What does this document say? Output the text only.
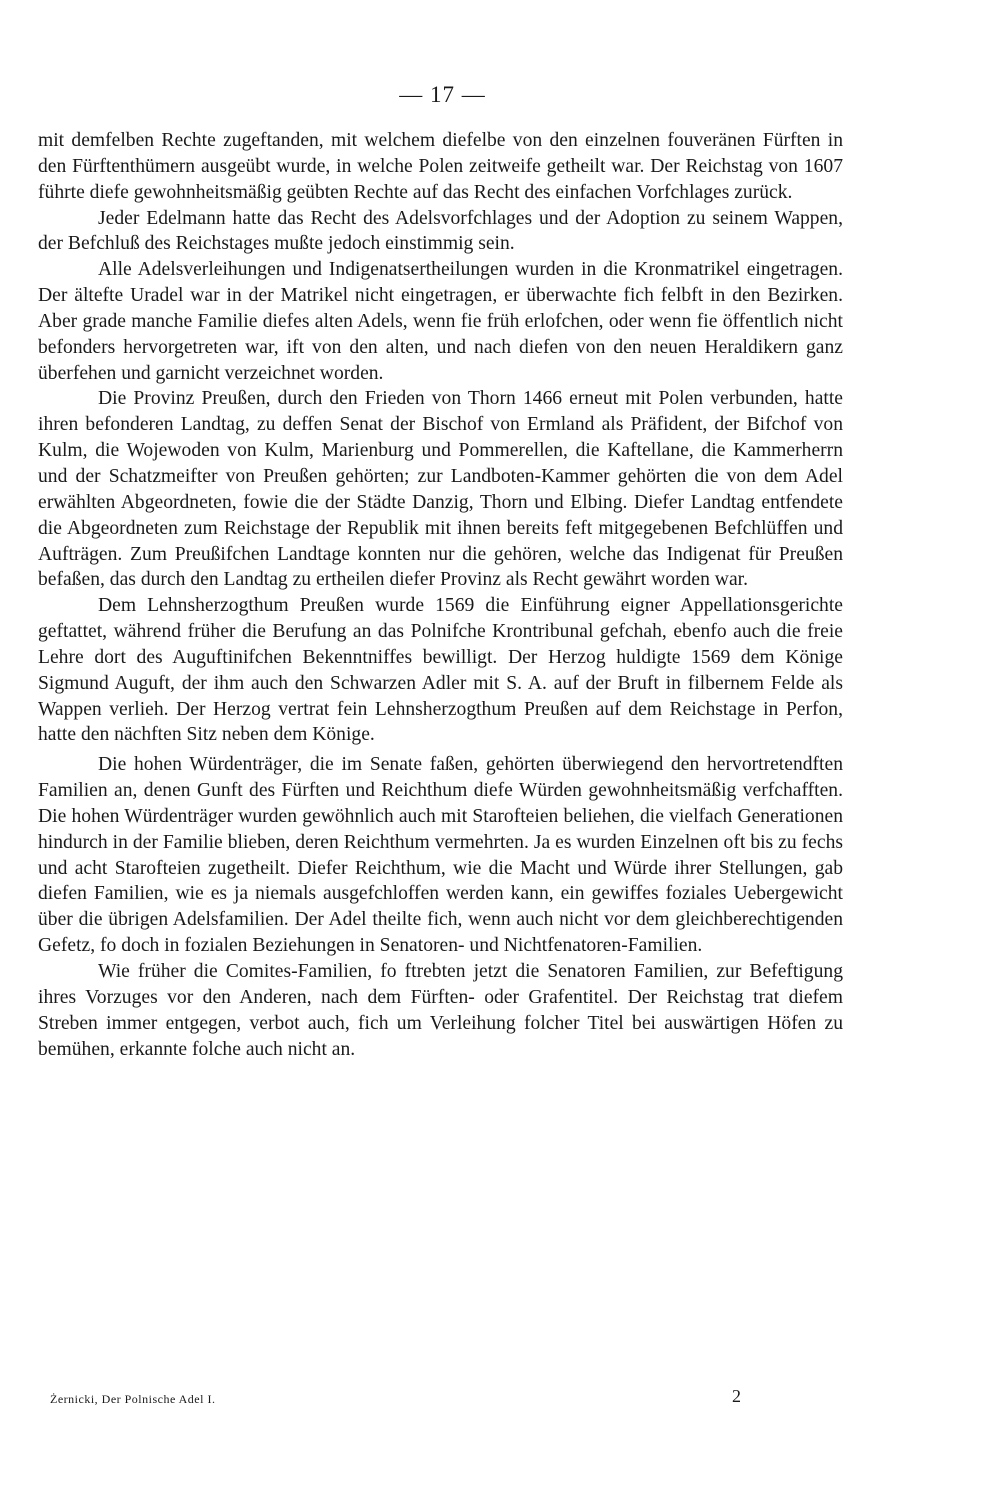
— 17 —

mit demfelben Rechte zugeftanden, mit welchem diefelbe von den einzelnen fouveränen Fürften in den Fürftenthümern ausgeübt wurde, in welche Polen zeitweife getheilt war. Der Reichstag von 1607 führte diefe gewohnheitsmäßig geübten Rechte auf das Recht des einfachen Vorfchlages zurück.

Jeder Edelmann hatte das Recht des Adelsvorfchlages und der Adoption zu seinem Wappen, der Befchluß des Reichstages mußte jedoch einstimmig sein.

Alle Adelsverleihungen und Indigenatsertheilungen wurden in die Kronmatrikel eingetragen. Der ältefte Uradel war in der Matrikel nicht eingetragen, er überwachte fich felbft in den Bezirken. Aber grade manche Familie diefes alten Adels, wenn fie früh erlofchen, oder wenn fie öffentlich nicht befonders hervorgetreten war, ift von den alten, und nach diefen von den neuen Heraldikern ganz überfehen und garnicht verzeichnet worden.

Die Provinz Preußen, durch den Frieden von Thorn 1466 erneut mit Polen verbunden, hatte ihren befonderen Landtag, zu deffen Senat der Bischof von Ermland als Präfident, der Bifchof von Kulm, die Wojewoden von Kulm, Marienburg und Pommerellen, die Kaftellane, die Kammerherrn und der Schatzmeifter von Preußen gehörten; zur Landboten-Kammer gehörten die von dem Adel erwählten Abgeordneten, fowie die der Städte Danzig, Thorn und Elbing. Diefer Landtag entfendete die Abgeordneten zum Reichstage der Republik mit ihnen bereits feft mitgegebenen Befchlüffen und Aufträgen. Zum Preußifchen Landtage konnten nur die gehören, welche das Indigenat für Preußen befaßen, das durch den Landtag zu ertheilen diefer Provinz als Recht gewährt worden war.

Dem Lehnsherzogthum Preußen wurde 1569 die Einführung eigner Appellationsgerichte geftattet, während früher die Berufung an das Polnifche Krontribunal gefchah, ebenfo auch die freie Lehre dort des Auguftinifchen Bekenntniffes bewilligt. Der Herzog huldigte 1569 dem Könige Sigmund Auguft, der ihm auch den Schwarzen Adler mit S. A. auf der Bruft in filbernem Felde als Wappen verlieh. Der Herzog vertrat fein Lehnsherzogthum Preußen auf dem Reichstage in Perfon, hatte den nächften Sitz neben dem Könige.

Die hohen Würdenträger, die im Senate faßen, gehörten überwiegend den hervortretendften Familien an, denen Gunft des Fürften und Reichthum diefe Würden gewohnheitsmäßig verfchafften. Die hohen Würdenträger wurden gewöhnlich auch mit Starofteien beliehen, die vielfach Generationen hindurch in der Familie blieben, deren Reichthum vermehrten. Ja es wurden Einzelnen oft bis zu fechs und acht Starofteien zugetheilt. Diefer Reichthum, wie die Macht und Würde ihrer Stellungen, gab diefen Familien, wie es ja niemals ausgefchloffen werden kann, ein gewiffes foziales Uebergewicht über die übrigen Adelsfamilien. Der Adel theilte fich, wenn auch nicht vor dem gleichberechtigenden Gefetz, fo doch in fozialen Beziehungen in Senatoren- und Nichtfenatoren-Familien.

Wie früher die Comites-Familien, fo ftrebten jetzt die Senatoren Familien, zur Befeftigung ihres Vorzuges vor den Anderen, nach dem Fürften- oder Grafentitel. Der Reichstag trat diefem Streben immer entgegen, verbot auch, fich um Verleihung folcher Titel bei auswärtigen Höfen zu bemühen, erkannte folche auch nicht an.

Żernicki, Der Polnische Adel I.	2
